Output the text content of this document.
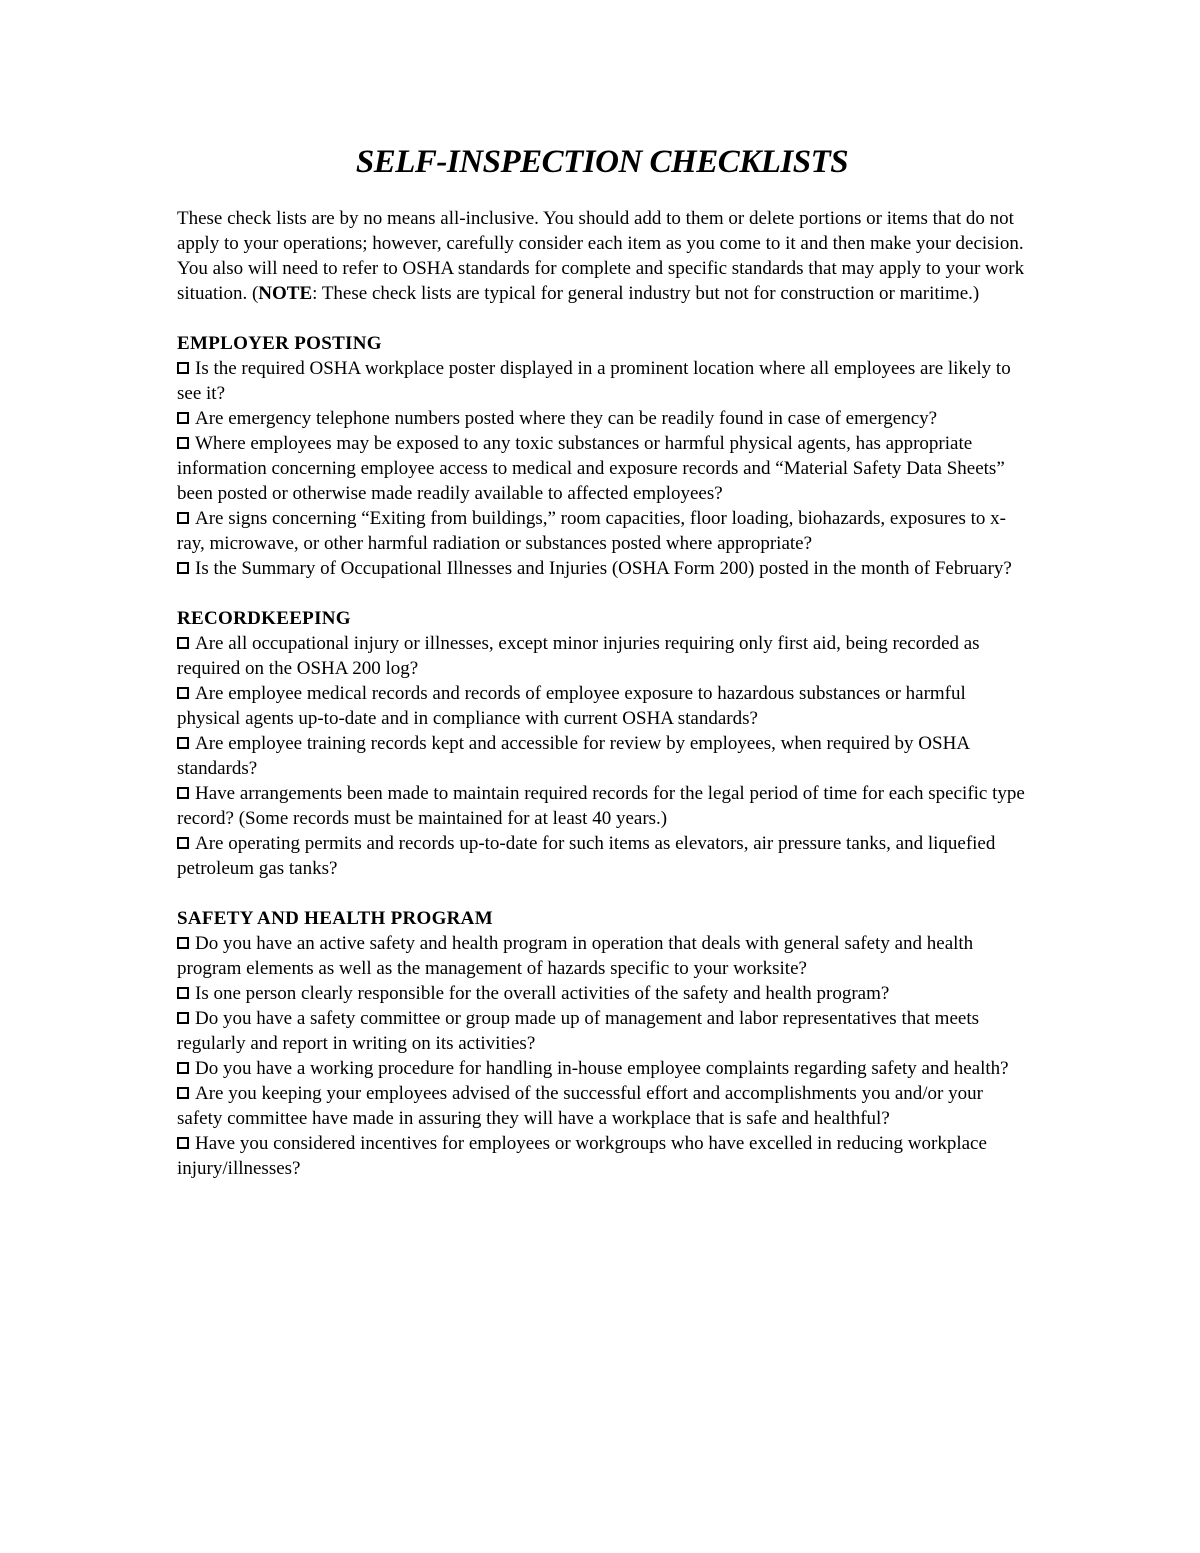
SELF-INSPECTION CHECKLISTS

These check lists are by no means all-inclusive. You should add to them or delete portions or items that do not apply to your operations; however, carefully consider each item as you come to it and then make your decision. You also will need to refer to OSHA standards for complete and specific standards that may apply to your work situation. (NOTE: These check lists are typical for general industry but not for construction or maritime.)

EMPLOYER POSTING

Is the required OSHA workplace poster displayed in a prominent location where all employees are likely to see it?

Are emergency telephone numbers posted where they can be readily found in case of emergency?

Where employees may be exposed to any toxic substances or harmful physical agents, has appropriate information concerning employee access to medical and exposure records and “Material Safety Data Sheets” been posted or otherwise made readily available to affected employees?

Are signs concerning “Exiting from buildings,” room capacities, floor loading, biohazards, exposures to x-ray, microwave, or other harmful radiation or substances posted where appropriate?

Is the Summary of Occupational Illnesses and Injuries (OSHA Form 200) posted in the month of February?

RECORDKEEPING

Are all occupational injury or illnesses, except minor injuries requiring only first aid, being recorded as required on the OSHA 200 log?

Are employee medical records and records of employee exposure to hazardous substances or harmful physical agents up-to-date and in compliance with current OSHA standards?

Are employee training records kept and accessible for review by employees, when required by OSHA standards?

Have arrangements been made to maintain required records for the legal period of time for each specific type record? (Some records must be maintained for at least 40 years.)

Are operating permits and records up-to-date for such items as elevators, air pressure tanks, and liquefied petroleum gas tanks?

SAFETY AND HEALTH PROGRAM

Do you have an active safety and health program in operation that deals with general safety and health program elements as well as the management of hazards specific to your worksite?

Is one person clearly responsible for the overall activities of the safety and health program?

Do you have a safety committee or group made up of management and labor representatives that meets regularly and report in writing on its activities?

Do you have a working procedure for handling in-house employee complaints regarding safety and health?

Are you keeping your employees advised of the successful effort and accomplishments you and/or your safety committee have made in assuring they will have a workplace that is safe and healthful?

Have you considered incentives for employees or workgroups who have excelled in reducing workplace injury/illnesses?
